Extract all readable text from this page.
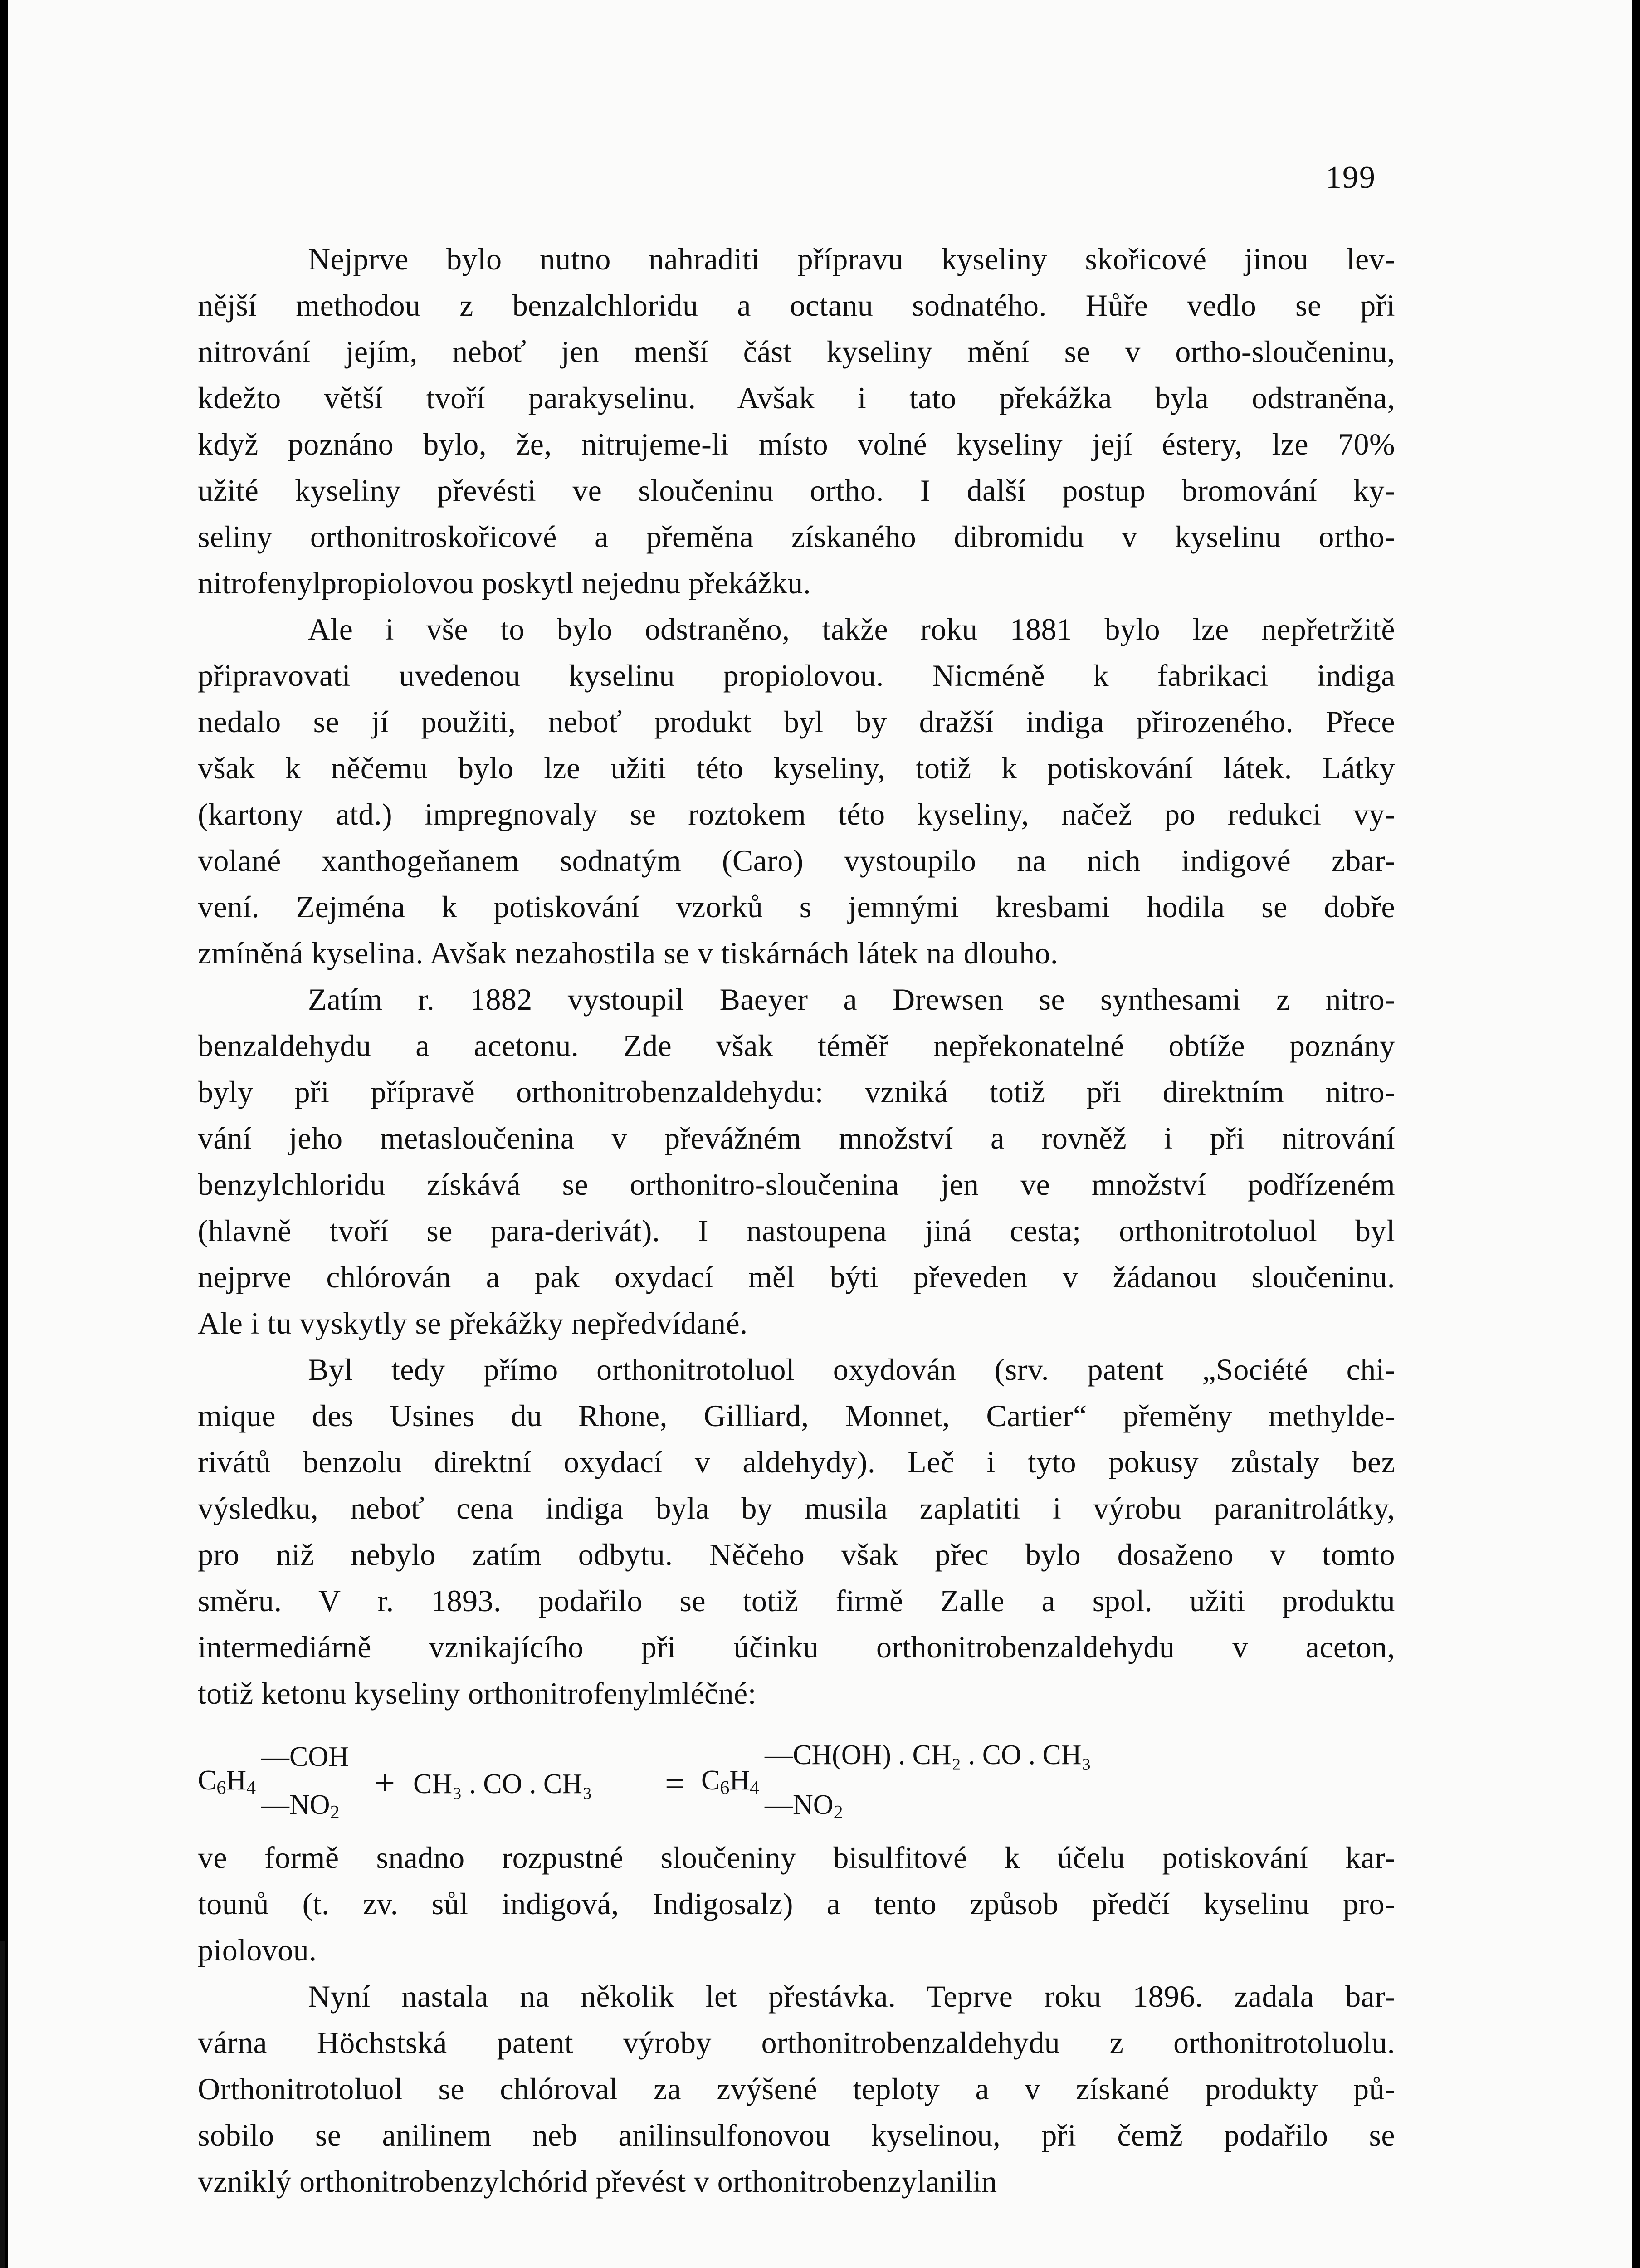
199
Nejprve bylo nutno nahraditi přípravu kyseliny skořicové jinou lev-
nější methodou z benzalchloridu a octanu sodnatého. Hůře vedlo se při
nitrování jejím, neboť jen menší část kyseliny mění se v ortho-sloučeninu,
kdežto větší tvoří parakyselinu. Avšak i tato překážka byla odstraněna,
když poznáno bylo, že, nitrujeme-li místo volné kyseliny její éstery, lze 70%
užité kyseliny převésti ve sloučeninu ortho. I další postup bromování ky-
seliny orthonitroskořicové a přeměna získaného dibromidu v kyselinu ortho-
nitrofenylpropiolovou poskytl nejednu překážku.
Ale i vše to bylo odstraněno, takže roku 1881 bylo lze nepřetržitě
připravovati uvedenou kyselinu propiolovou. Nicméně k fabrikaci indiga
nedalo se jí použiti, neboť produkt byl by dražší indiga přirozeného. Přece
však k něčemu bylo lze užiti této kyseliny, totiž k potiskování látek. Látky
(kartony atd.) impregnovaly se roztokem této kyseliny, načež po redukci vy-
volané xanthogeňanem sodnatým (Caro) vystoupilo na nich indigové zbar-
vení. Zejména k potiskování vzorků s jemnými kresbami hodila se dobře
zmíněná kyselina. Avšak nezahostila se v tiskárnách látek na dlouho.
Zatím r. 1882 vystoupil Baeyer a Drewsen se synthesami z nitro-
benzaldehydu a acetonu. Zde však téměř nepřekonatelné obtíže poznány
byly při přípravě orthonitrobenzaldehydu: vzniká totiž při direktním nitro-
vání jeho metasloučenina v převážném množství a rovněž i při nitrování
benzylchloridu získává se orthonitro-sloučenina jen ve množství podřízeném
(hlavně tvoří se para-derivát). I nastoupena jiná cesta; orthonitrotoluol byl
nejprve chlórován a pak oxydací měl býti převeden v žádanou sloučeninu.
Ale i tu vyskytly se překážky nepředvídané.
Byl tedy přímo orthonitrotoluol oxydován (srv. patent „Société chi-
mique des Usines du Rhone, Gilliard, Monnet, Cartier“ přeměny methylde-
rivátů benzolu direktní oxydací v aldehydy). Leč i tyto pokusy zůstaly bez
výsledku, neboť cena indiga byla by musila zaplatiti i výrobu paranitrolátky,
pro niž nebylo zatím odbytu. Něčeho však přec bylo dosaženo v tomto
směru. V r. 1893. podařilo se totiž firmě Zalle a spol. užiti produktu
intermediárně vznikajícího při účinku orthonitrobenzaldehydu v aceton,
totiž ketonu kyseliny orthonitrofenylmléčné:
—COH
$C_6H_4$
$—NO_2$
+ CH₃ . CO . $CH_3 = C_6H_4$
—CH(OH) . CH₂ . CO . CH₃
$—NO_2$
ve formě snadno rozpustné sloučeniny bisulfitové k účelu potiskování kar-
tounů (t. zv. sůl indigová, Indigosalz) a tento způsob předčí kyselinu pro-
piolovou.
Nyní nastala na několik let přestávka. Teprve roku 1896. zadala bar-
várna Höchstská patent výroby orthonitrobenzaldehydu z orthonitrotoluolu.
Orthonitrotoluol se chlóroval za zvýšené teploty a v získané produkty pů-
sobilo se anilinem neb anilinsulfonovou kyselinou, při čemž podařilo se
vzniklý orthonitrobenzylchórid převést v orthonitrobenzylanilin
